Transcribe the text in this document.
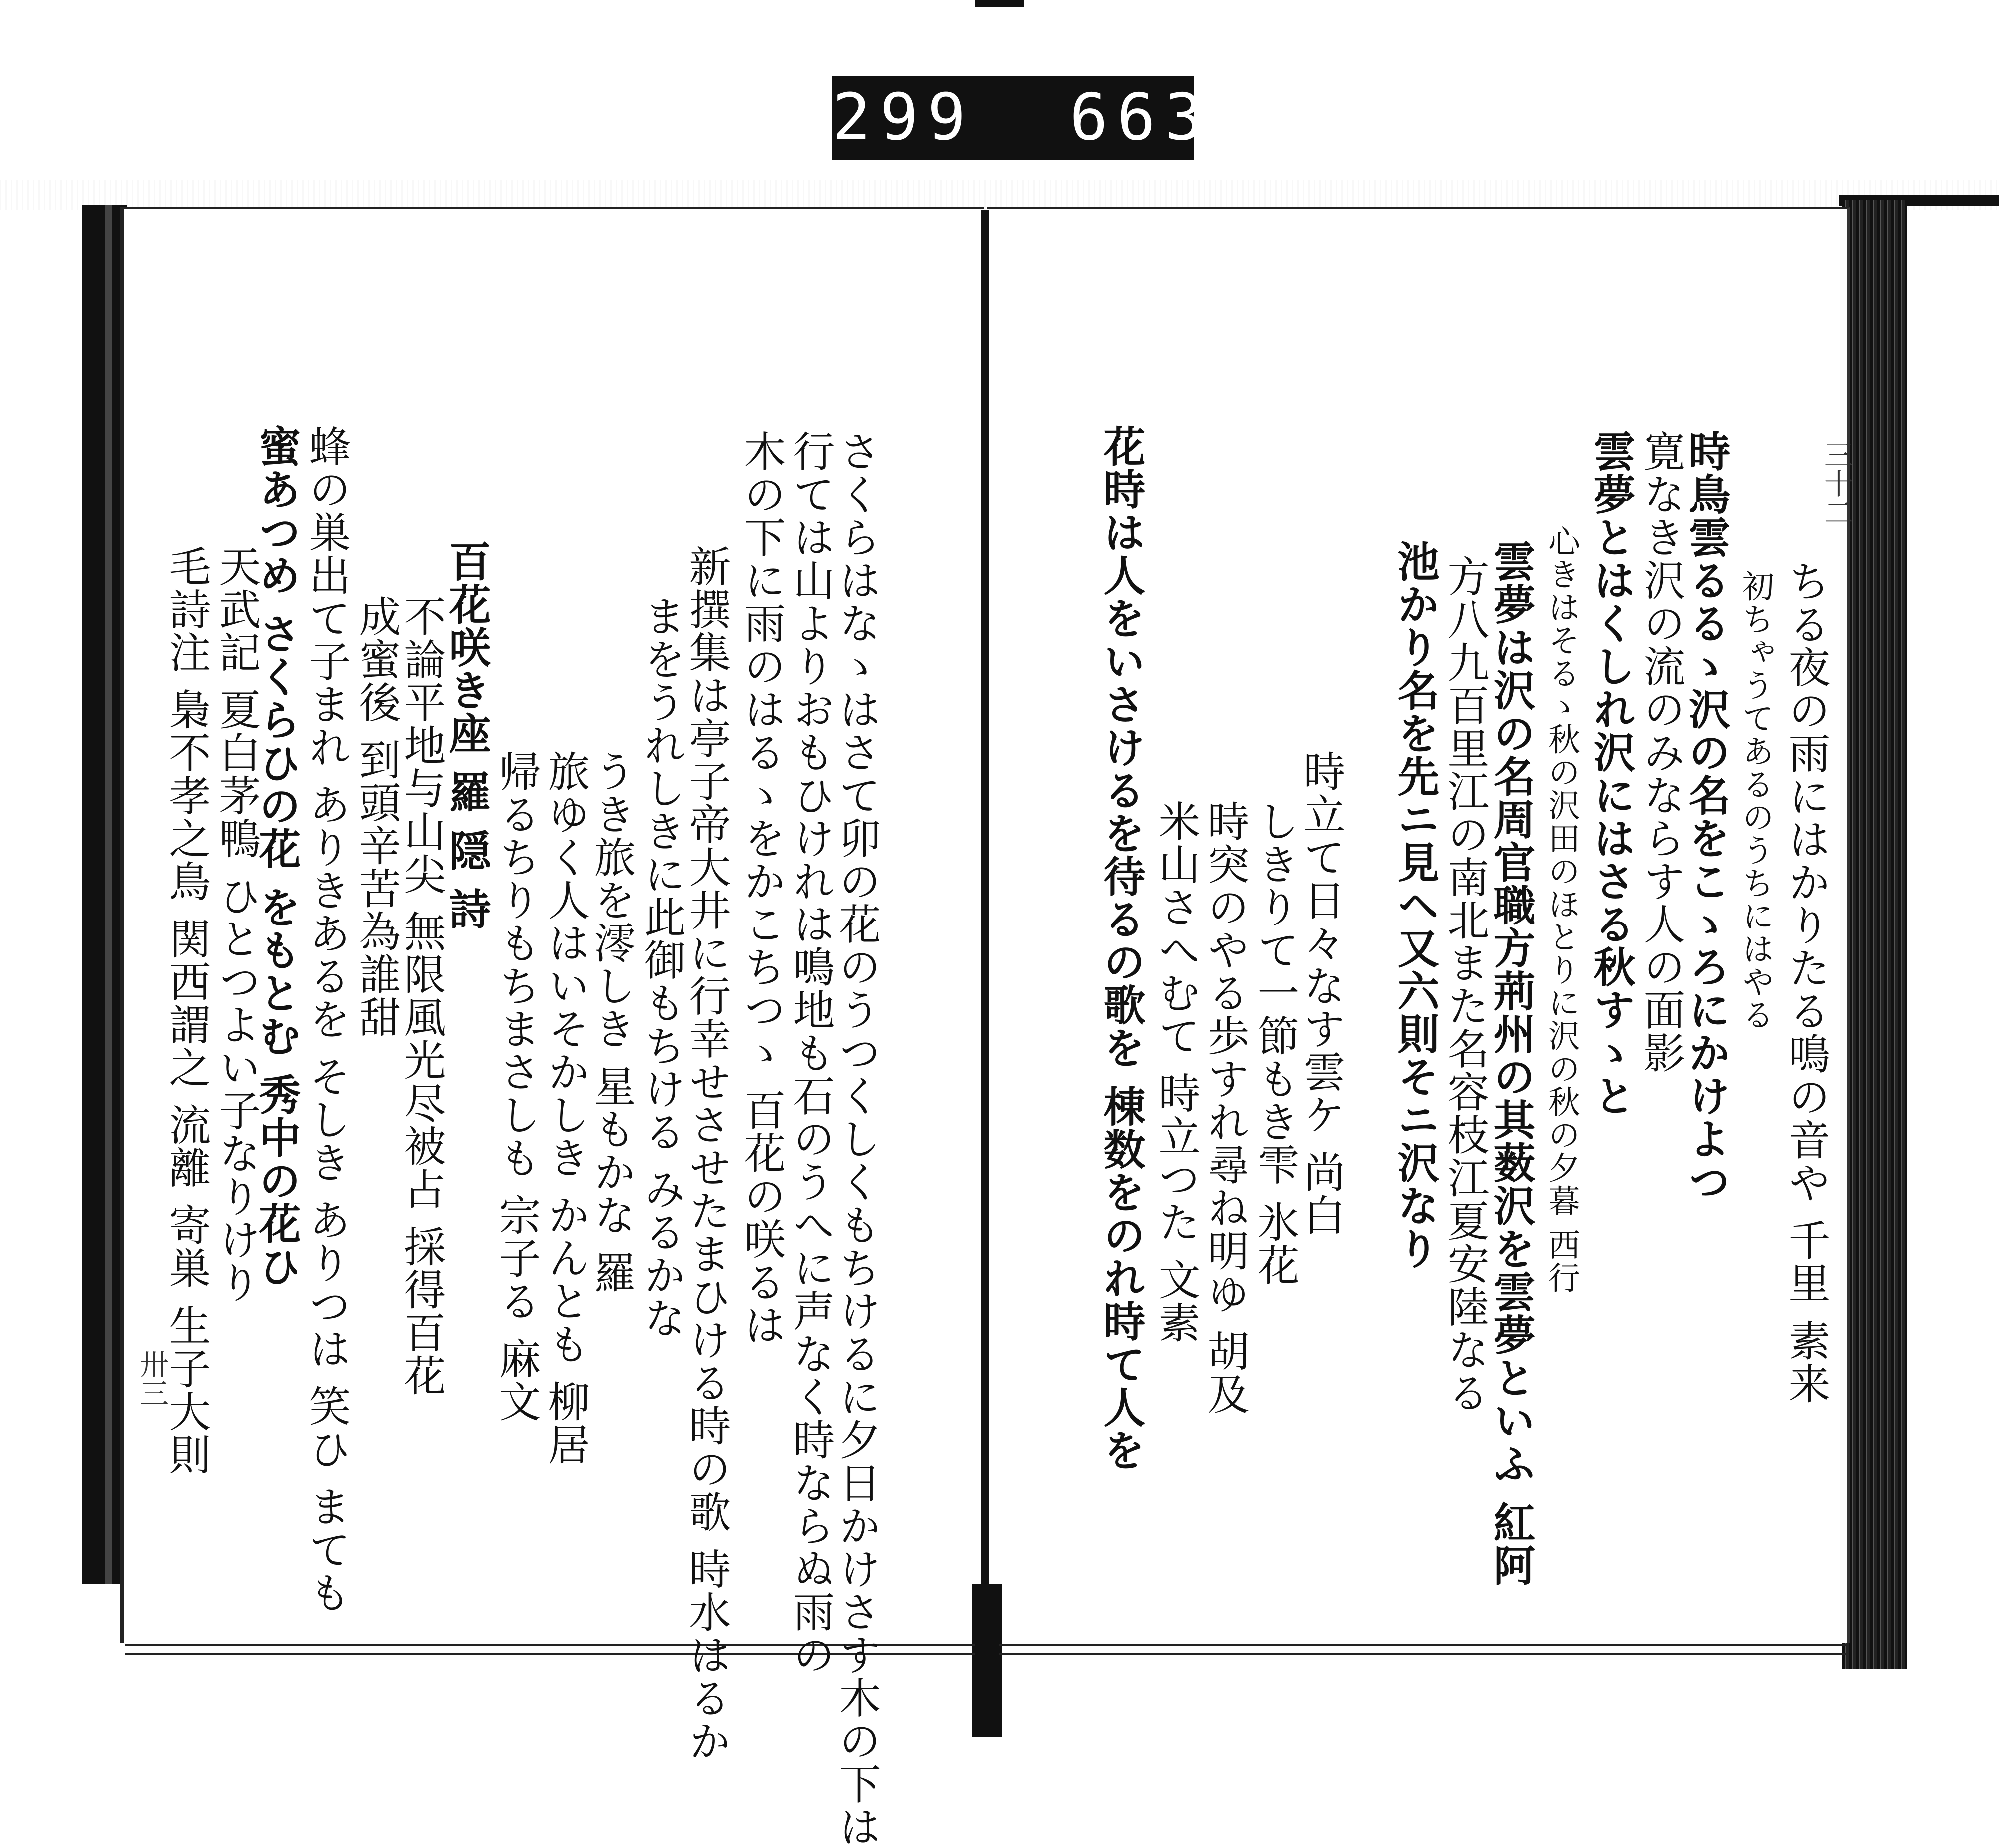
299  663.
ちる夜の雨にはかりたる鳴の音や 千里 素来
初ちゃうてあるのうちにはやる
時鳥雲るるゝ沢の名をこゝろにかけよつ
寛なき沢の流のみならす人の面影
雲夢とはくしれ沢にはさる秋すゝと
心きはそるゝ秋の沢田のほとりに沢の秋の夕暮 西行
雲夢は沢の名周官職方荊州の其薮沢を雲夢といふ 紅阿
方八九百里江の南北また名容枝江夏安陸なる
池かり名を先ニ見ヘ又六則そニ沢なり
時立て日々なす雲ケ 尚白
しきりて一節もき雫 氷花
時突のやる歩すれ尋ね明ゆ 胡及
米山さへむて 時立つた 文素
花時は人をいさけるを待るの歌を 棟数をのれ時て人を
さくらはなゝはさて卯の花のうつくしくもちけるに夕日かけさす木の下は
行ては山よりおもひけれは鳴地も石のうへに声なく時ならぬ雨の
木の下に雨のはるゝをかこちつゝ 百花の咲るは
新撰集は亭子帝大井に行幸せさせたまひける時の歌 時水はるか
まをうれしきに此御もちける みるかな
うき旅を澪しき 星もかな 羅
旅ゆく人はいそかしき かんとも 柳居
帰るちりもちまさしも 宗子る 麻文
百花咲き座 羅 隠 詩
不論平地与山尖 無限風光尽被占 採得百花
成蜜後 到頭辛苦為誰甜
蜂の巣出て子まれ ありきあるを そしき ありつは 笑ひ まても
蜜あつめ さくらひの花 をもとむ 秀中の花ひ
天武記 夏白茅鴨 ひとつよい子なりけり
毛詩注 梟不孝之鳥 関西謂之 流離 寄巣 生子大則
三十二
卅三
